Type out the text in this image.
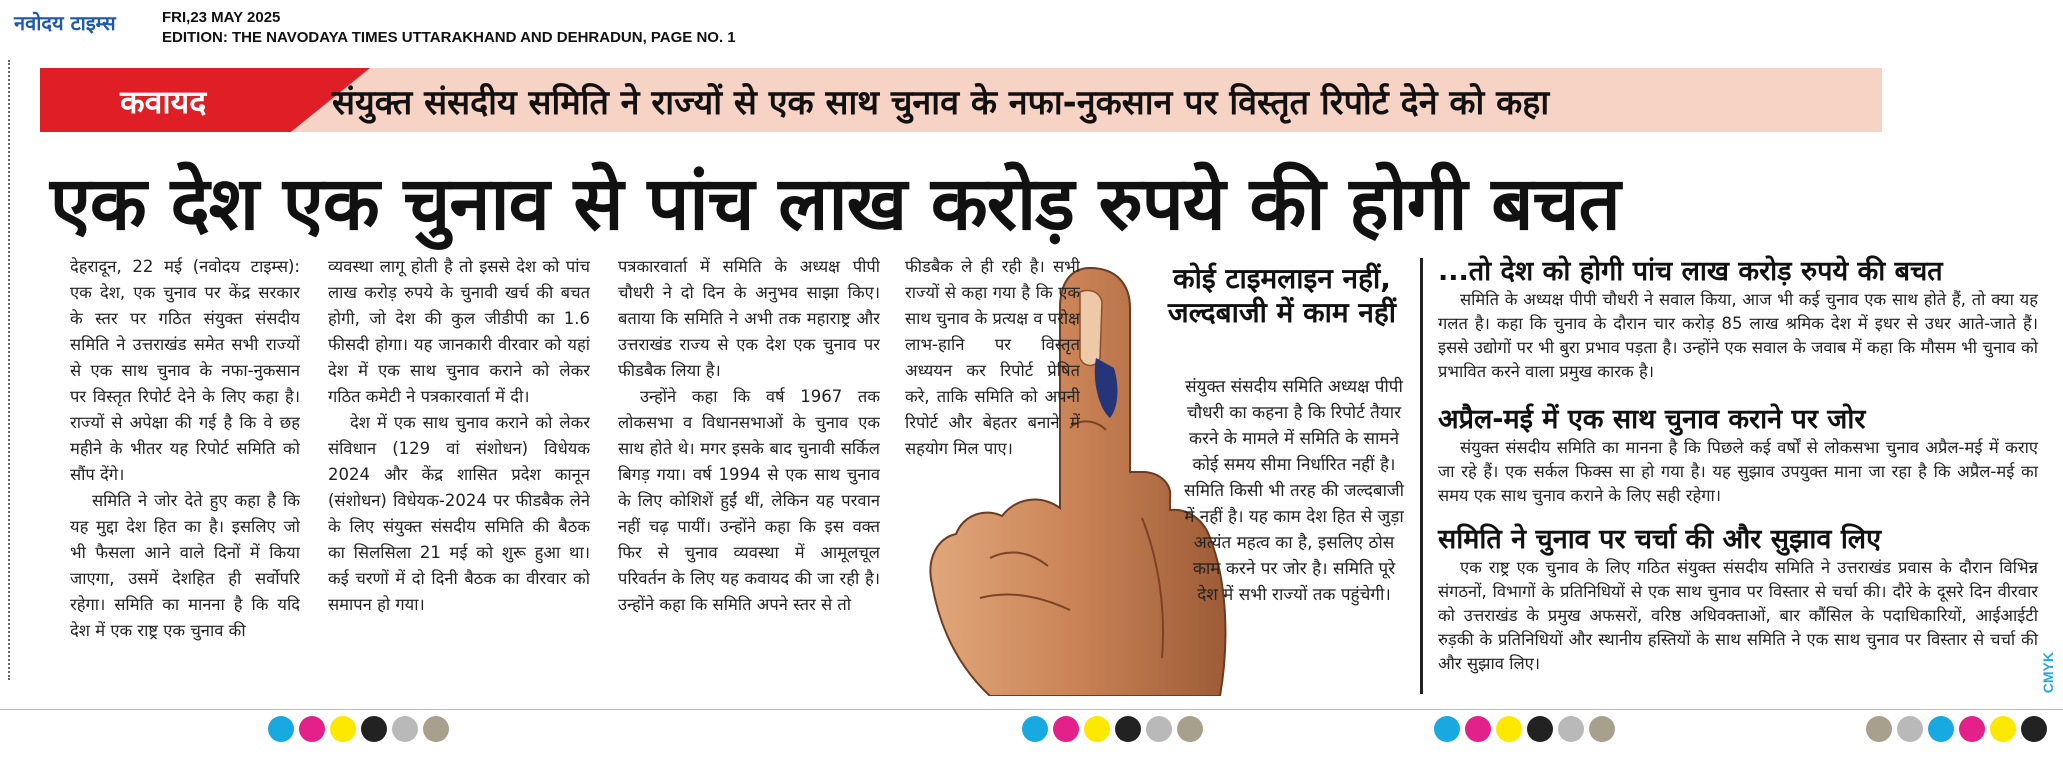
नवोदय टाइम्स	FRI,23 MAY 2025
EDITION: THE NAVODAYA TIMES UTTARAKHAND AND DEHRADUN, PAGE NO. 1
कवायद	संयुक्त संसदीय समिति ने राज्यों से एक साथ चुनाव के नफा-नुकसान पर विस्तृत रिपोर्ट देने को कहा
एक देश एक चुनाव से पांच लाख करोड़ रुपये की होगी बचत

देहरादून, 22 मई (नवोदय टाइम्स): एक देश, एक चुनाव पर केंद्र सरकार के स्तर पर गठित संयुक्त संसदीय समिति ने उत्तराखंड समेत सभी राज्यों से एक साथ चुनाव के नफा-नुकसान पर विस्तृत रिपोर्ट देने के लिए कहा है। राज्यों से अपेक्षा की गई है कि वे छह महीने के भीतर यह रिपोर्ट समिति को सौंप देंगे।

समिति ने जोर देते हुए कहा है कि यह मुद्दा देश हित का है। इसलिए जो भी फैसला आने वाले दिनों में किया जाएगा, उसमें देशहित ही सर्वोपरि रहेगा। समिति का मानना है कि यदि देश में एक राष्ट्र एक चुनाव की

व्यवस्था लागू होती है तो इससे देश को पांच लाख करोड़ रुपये के चुनावी खर्च की बचत होगी, जो देश की कुल जीडीपी का 1.6 फीसदी होगा। यह जानकारी वीरवार को यहां देश में एक साथ चुनाव कराने को लेकर गठित कमेटी ने पत्रकारवार्ता में दी।

देश में एक साथ चुनाव कराने को लेकर संविधान (129 वां संशोधन) विधेयक 2024 और केंद्र शासित प्रदेश कानून (संशोधन) विधेयक-2024 पर फीडबैक लेने के लिए संयुक्त संसदीय समिति की बैठक का सिलसिला 21 मई को शुरू हुआ था। कई चरणों में दो दिनी बैठक का वीरवार को समापन हो गया।

पत्रकारवार्ता में समिति के अध्यक्ष पीपी चौधरी ने दो दिन के अनुभव साझा किए। बताया कि समिति ने अभी तक महाराष्ट्र और उत्तराखंड राज्य से एक देश एक चुनाव पर फीडबैक लिया है।

उन्होंने कहा कि वर्ष 1967 तक लोकसभा व विधानसभाओं के चुनाव एक साथ होते थे। मगर इसके बाद चुनावी सर्किल बिगड़ गया। वर्ष 1994 से एक साथ चुनाव के लिए कोशिशें हुईं थीं, लेकिन यह परवान नहीं चढ़ पायीं। उन्होंने कहा कि इस वक्त फिर से चुनाव व्यवस्था में आमूलचूल परिवर्तन के लिए यह कवायद की जा रही है। उन्होंने कहा कि समिति अपने स्तर से तो

फीडबैक ले ही रही है। सभी राज्यों से कहा गया है कि एक साथ चुनाव के प्रत्यक्ष व परोक्ष लाभ-हानि पर विस्तृत अध्ययन कर रिपोर्ट प्रेषित करे, ताकि समिति को अपनी रिपोर्ट और बेहतर बनाने में सहयोग मिल पाए।

कोई टाइमलाइन नहीं, जल्दबाजी में काम नहीं
संयुक्त संसदीय समिति अध्यक्ष पीपी चौधरी का कहना है कि रिपोर्ट तैयार करने के मामले में समिति के सामने कोई समय सीमा निर्धारित नहीं है। समिति किसी भी तरह की जल्दबाजी में नहीं है। यह काम देश हित से जुड़ा अत्यंत महत्व का है, इसलिए ठोस काम करने पर जोर है। समिति पूरे देश में सभी राज्यों तक पहुंचेगी।
...तो देश को होगी पांच लाख करोड़ रुपये की बचत
समिति के अध्यक्ष पीपी चौधरी ने सवाल किया, आज भी कई चुनाव एक साथ होते हैं, तो क्या यह गलत है। कहा कि चुनाव के दौरान चार करोड़ 85 लाख श्रमिक देश में इधर से उधर आते-जाते हैं। इससे उद्योगों पर भी बुरा प्रभाव पड़ता है। उन्होंने एक सवाल के जवाब में कहा कि मौसम भी चुनाव को प्रभावित करने वाला प्रमुख कारक है।
अप्रैल-मई में एक साथ चुनाव कराने पर जोर
संयुक्त संसदीय समिति का मानना है कि पिछले कई वर्षों से लोकसभा चुनाव अप्रैल-मई में कराए जा रहे हैं। एक सर्कल फिक्स सा हो गया है। यह सुझाव उपयुक्त माना जा रहा है कि अप्रैल-मई का समय एक साथ चुनाव कराने के लिए सही रहेगा।
समिति ने चुनाव पर चर्चा की और सुझाव लिए
एक राष्ट्र एक चुनाव के लिए गठित संयुक्त संसदीय समिति ने उत्तराखंड प्रवास के दौरान विभिन्न संगठनों, विभागों के प्रतिनिधियों से एक साथ चुनाव पर विस्तार से चर्चा की। दौरे के दूसरे दिन वीरवार को उत्तराखंड के प्रमुख अफसरों, वरिष्ठ अधिवक्ताओं, बार कौंसिल के पदाधिकारियों, आईआईटी रुड़की के प्रतिनिधियों और स्थानीय हस्तियों के साथ समिति ने एक साथ चुनाव पर विस्तार से चर्चा की और सुझाव लिए।	CMYK
